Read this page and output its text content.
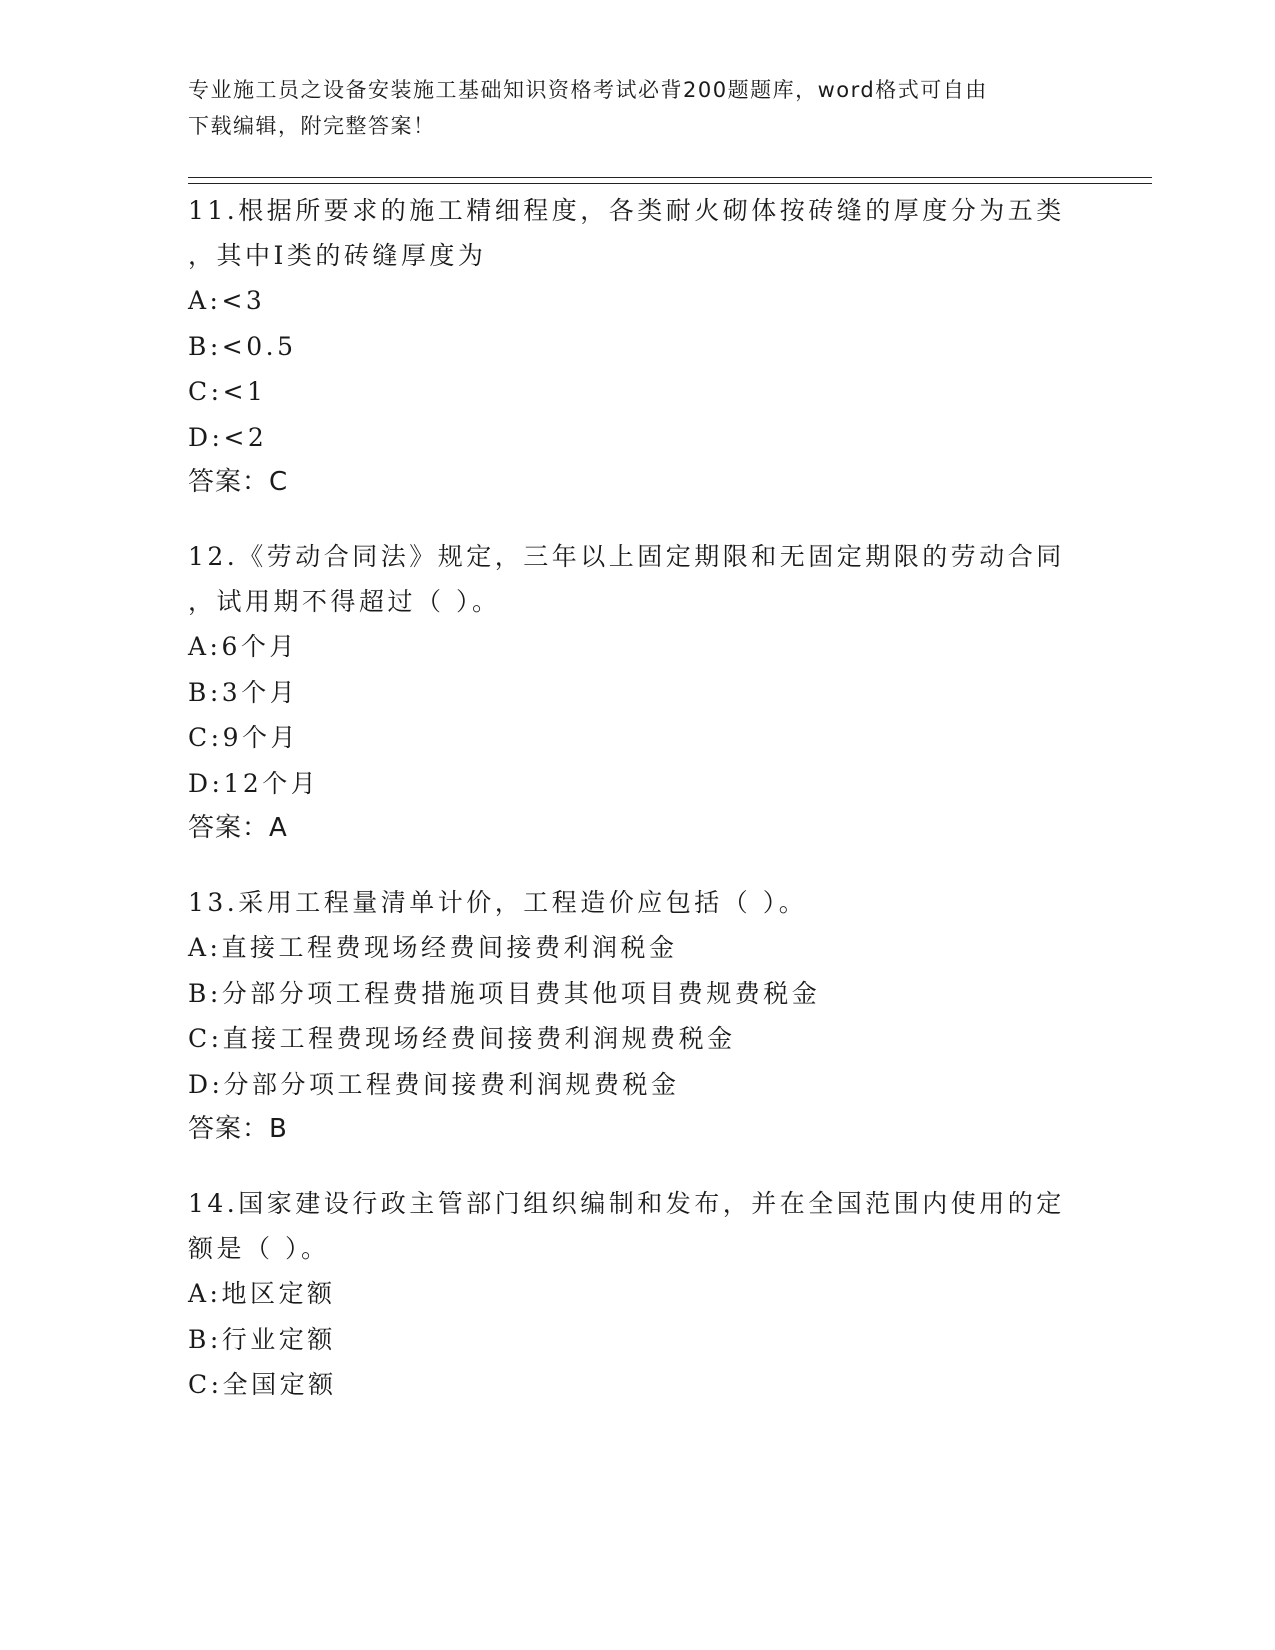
专业施工员之设备安装施工基础知识资格考试必背200题题库，word格式可自由
下载编辑，附完整答案！

11.根据所要求的施工精细程度，各类耐火砌体按砖缝的厚度分为五类

，其中Ⅰ类的砖缝厚度为

A:<3
B:<0.5
C:<1
D:<2
答案：C

12.《劳动合同法》规定，三年以上固定期限和无固定期限的劳动合同

，试用期不得超过（ ）。

A:6个月
B:3个月
C:9个月
D:12个月
答案：A

13.采用工程量清单计价，工程造价应包括（ ）。

A:直接工程费现场经费间接费利润税金
B:分部分项工程费措施项目费其他项目费规费税金
C:直接工程费现场经费间接费利润规费税金
D:分部分项工程费间接费利润规费税金
答案：B

14.国家建设行政主管部门组织编制和发布，并在全国范围内使用的定

额是（ ）。

A:地区定额
B:行业定额
C:全国定额
